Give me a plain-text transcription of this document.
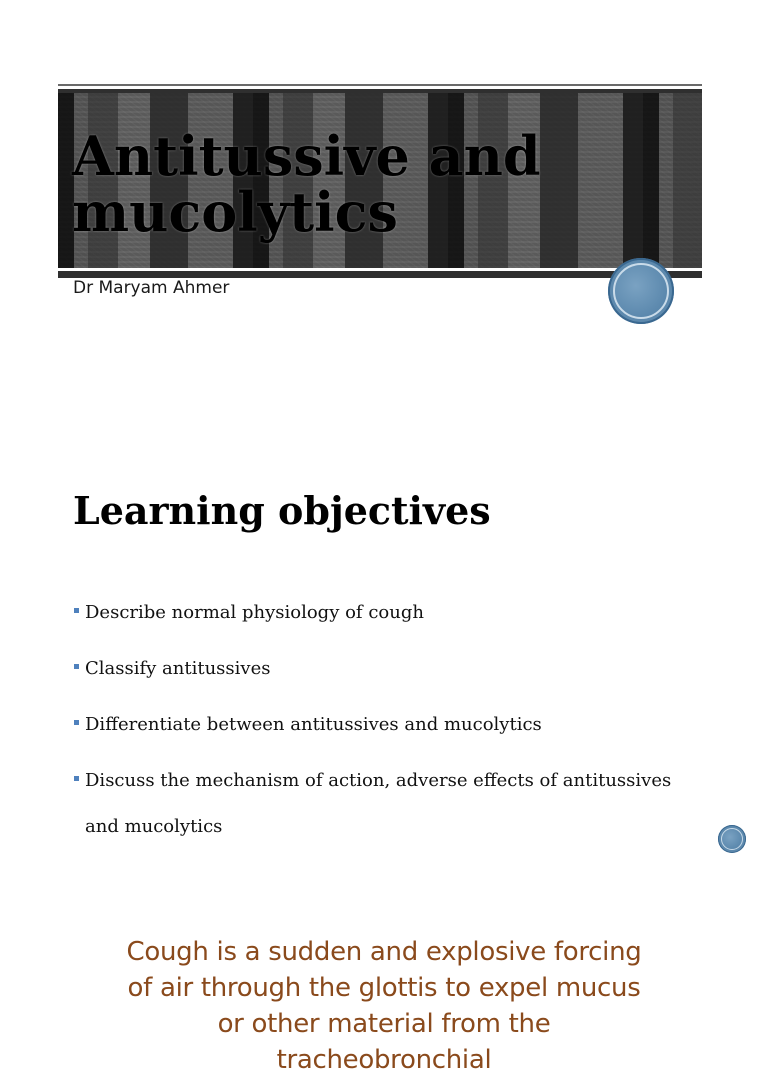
Antitussive and mucolytics
Dr Maryam Ahmer
Learning objectives
Describe normal physiology of cough
Classify antitussives
Differentiate between antitussives and mucolytics
Discuss the mechanism of action, adverse effects of antitussives and mucolytics

Cough is a sudden and explosive forcing of air through the glottis to expel mucus or other material from the tracheobronchial
